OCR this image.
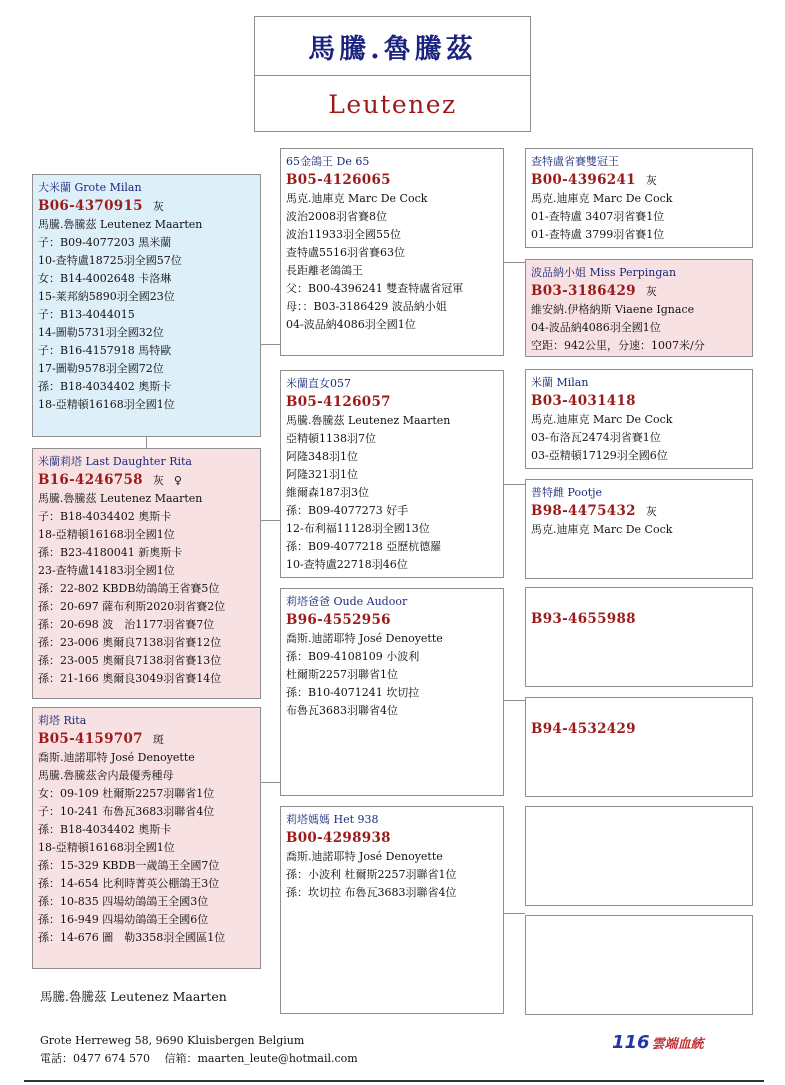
馬騰.魯騰茲
Leutenez
大米蘭 Grote Milan
B06-4370915 灰
馬騰.魯騰茲 Leutenez Maarten
子：B09-4077203 黑米蘭
10-查特盧18725羽全國57位
女：B14-4002648 卡洛琳
15-莱邦納5890羽全國23位
子：B13-4044015
14-圖勒5731羽全國32位
子：B16-4157918 馬特歐
17-圖勒9578羽全國72位
孫：B18-4034402 奧斯卡
18-亞精頓16168羽全國1位
米蘭莉塔 Last Daughter Rita
B16-4246758 灰 ♀
馬騰.魯騰茲 Leutenez Maarten
子：B18-4034402 奧斯卡
18-亞精頓16168羽全國1位
孫：B23-4180041 新奧斯卡
23-查特盧14183羽全國1位
孫：22-802 KBDB幼鴿鴿王省賽5位
孫：20-697 薩布利斯2020羽省賽2位
孫：20-698 波　治1177羽省賽7位
孫：23-006 奧爾良7138羽省賽12位
孫：23-005 奧爾良7138羽省賽13位
孫：21-166 奧爾良3049羽省賽14位
莉塔 Rita
B05-4159707 斑
喬斯.迪諾耶特 José Denoyette
馬騰.魯騰茲舍内最優秀種母
女：09-109 杜爾斯2257羽聯省1位
子：10-241 布魯瓦3683羽聯省4位
孫：B18-4034402 奧斯卡
18-亞精頓16168羽全國1位
孫：15-329 KBDB一歲鴿王全國7位
孫：14-654 比利時菁英公棚鴿王3位
孫：10-835 四場幼鴿鴿王全國3位
孫：16-949 四場幼鴿鴿王全國6位
孫：14-676 圖　勒3358羽全國區1位
65金鴿王 De 65
B05-4126065
馬克.迪庫克 Marc De Cock
波治2008羽省賽8位
波治11933羽全國55位
查特盧5516羽省賽63位
長距離老鴿鴿王
父：B00-4396241 雙查特盧省冠軍
母：：B03-3186429 波品納小姐
04-波品納4086羽全國1位
米蘭直女057
B05-4126057
馬騰.魯騰茲 Leutenez Maarten
亞精頓1138羽7位
阿隆348羽1位
阿隆321羽1位
維爾森187羽3位
孫：B09-4077273 好手
12-布利福11128羽全國13位
孫：B09-4077218 亞歷杭德羅
10-查特盧22718羽46位
莉塔爸爸 Oude Audoor
B96-4552956
喬斯.迪諾耶特 José Denoyette
孫：B09-4108109 小波利
杜爾斯2257羽聯省1位
孫：B10-4071241 坎切拉
布魯瓦3683羽聯省4位
莉塔媽媽 Het 938
B00-4298938
喬斯.迪諾耶特 José Denoyette
孫：小波利 杜爾斯2257羽聯省1位
孫：坎切拉 布魯瓦3683羽聯省4位
查特盧省賽雙冠王
B00-4396241 灰
馬克.迪庫克 Marc De Cock
01-查特盧 3407羽省賽1位
01-查特盧 3799羽省賽1位
波品納小姐 Miss Perpingan
B03-3186429 灰
維安納.伊格納斯 Viaene Ignace
04-波品納4086羽全國1位
空距：942公里，分速：1007米/分
米蘭 Milan
B03-4031418
馬克.迪庫克 Marc De Cock
03-布洛瓦2474羽省賽1位
03-亞精頓17129羽全國6位
普特雌 Pootje
B98-4475432 灰
馬克.迪庫克 Marc De Cock
B93-4655988
B94-4532429
馬騰.魯騰茲 Leutenez Maarten
Grote Herreweg 58, 9690 Kluisbergen Belgium
電話：0477 674 570　 信箱：maarten_leute@hotmail.com
116 雲端血統
